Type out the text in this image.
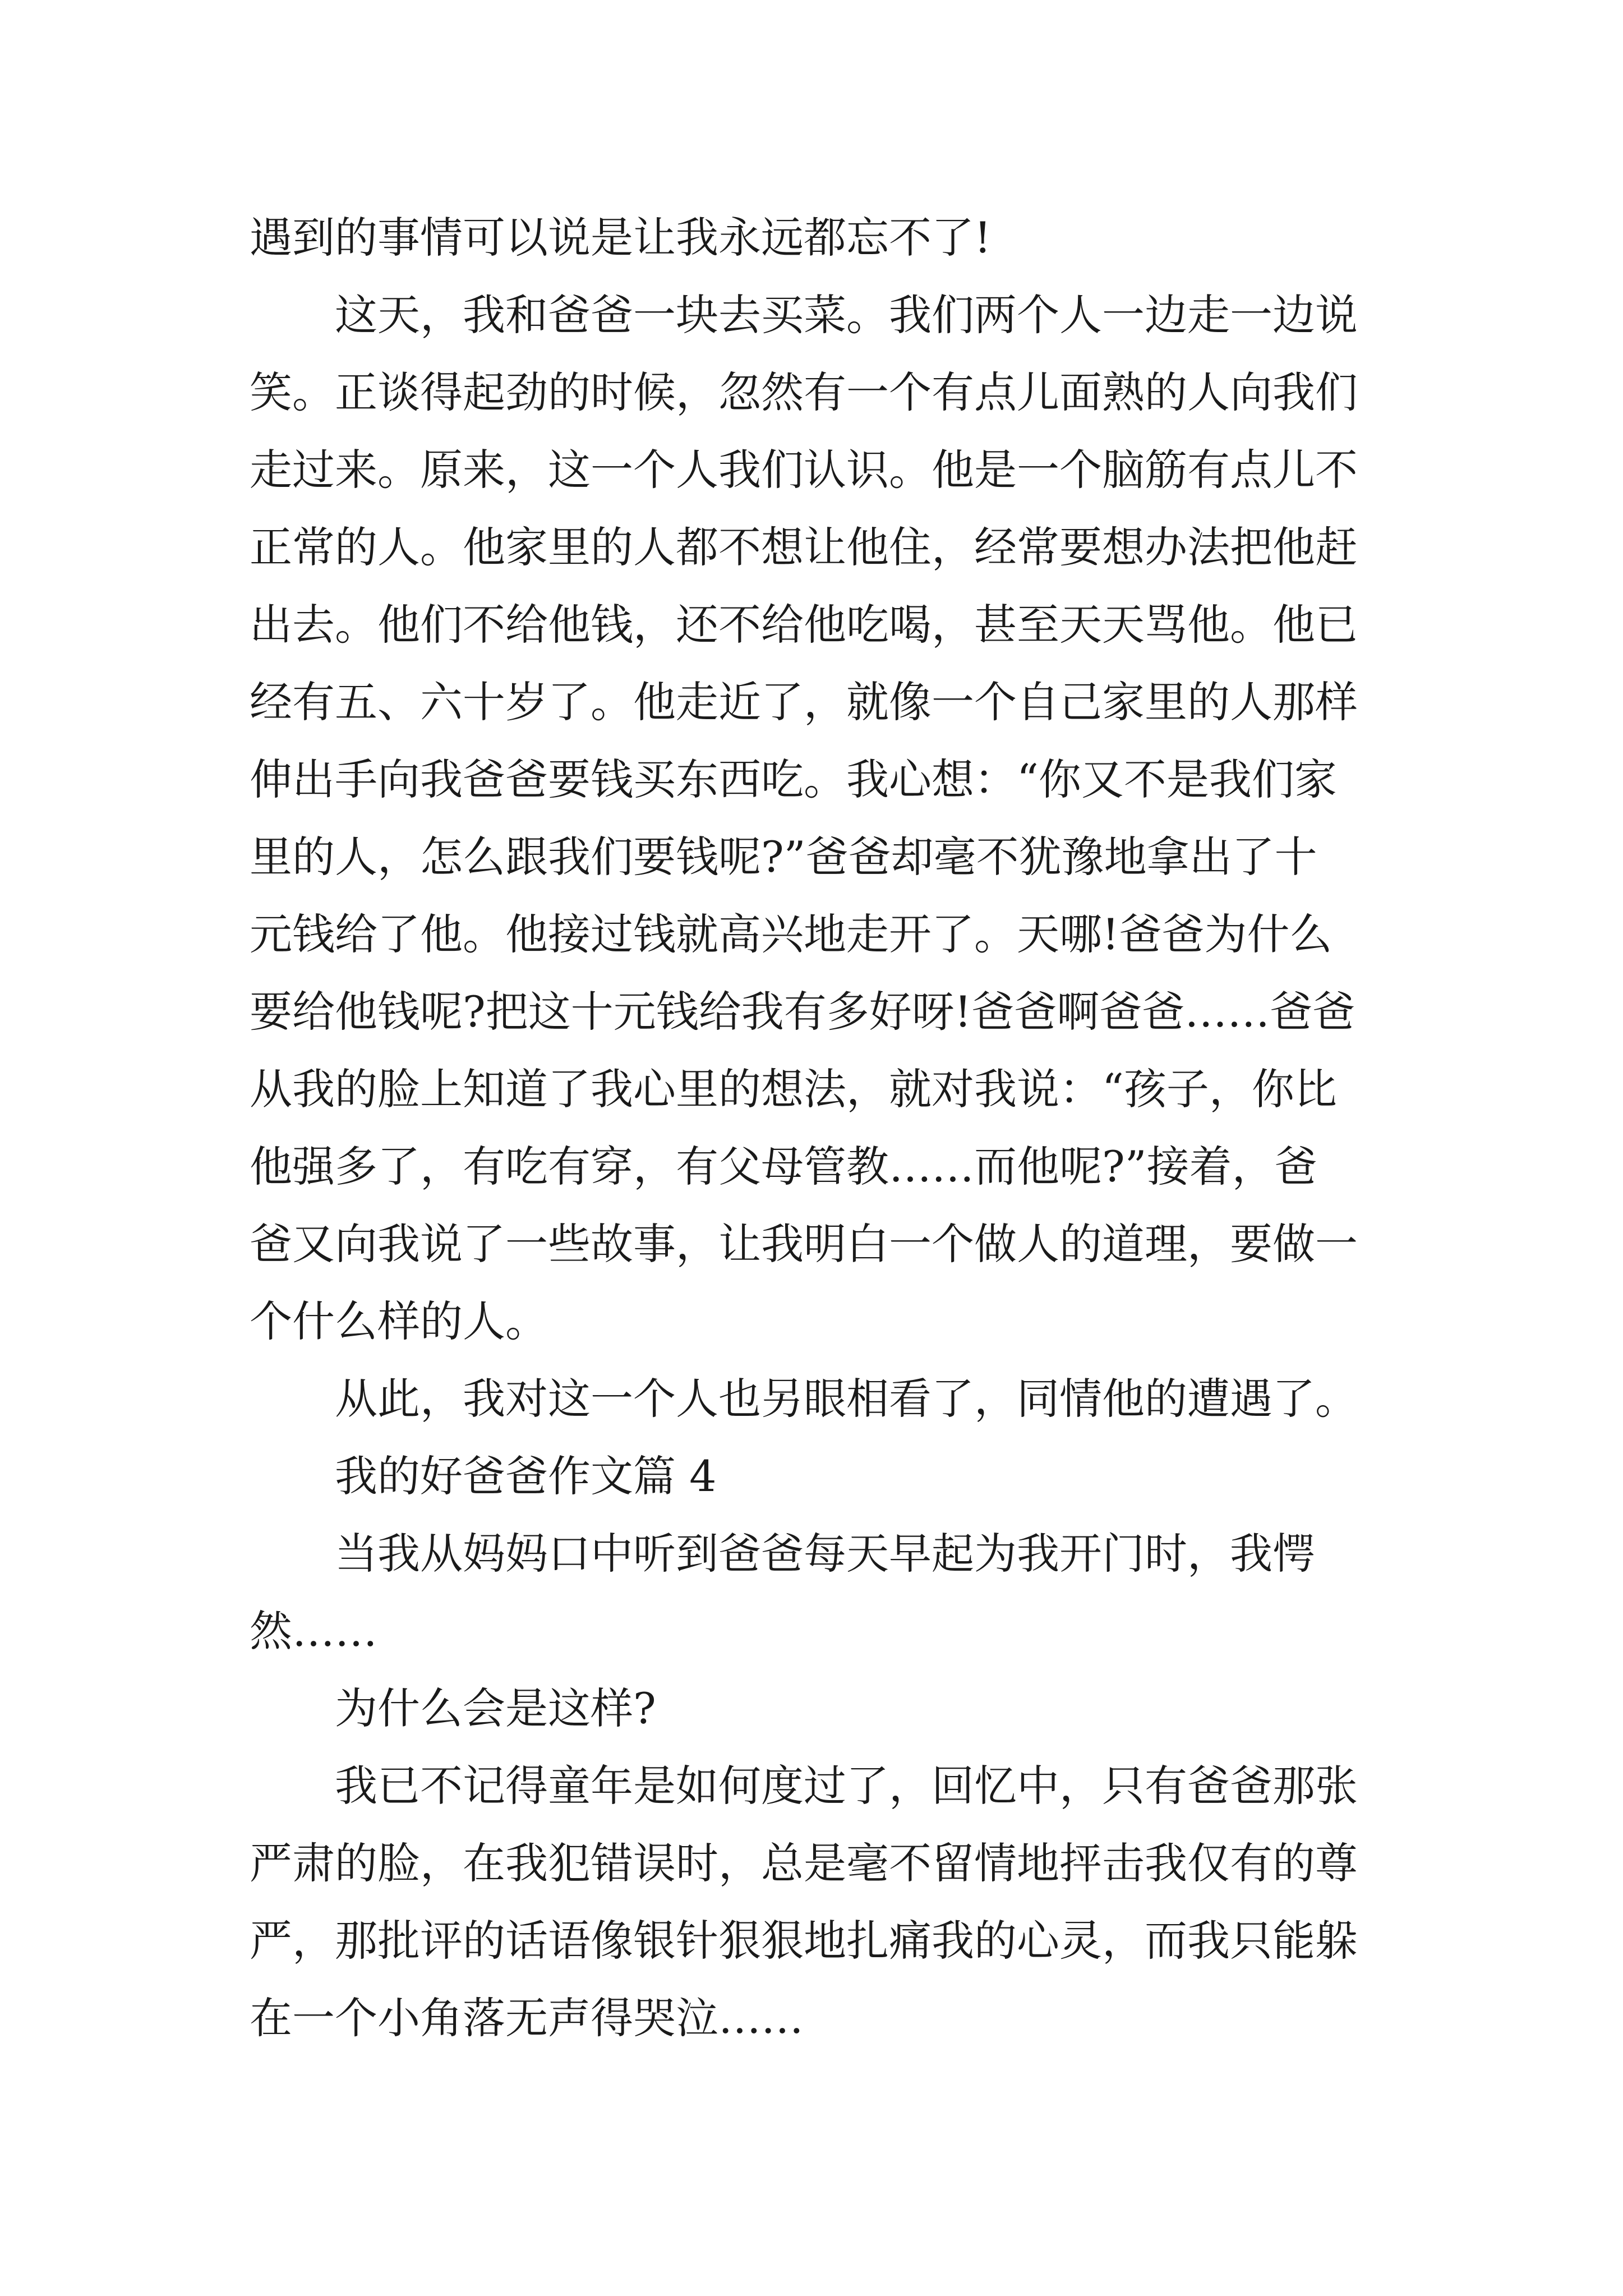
遇到的事情可以说是让我永远都忘不了!
这天，我和爸爸一块去买菜。我们两个人一边走一边说
笑。正谈得起劲的时候，忽然有一个有点儿面熟的人向我们
走过来。原来，这一个人我们认识。他是一个脑筋有点儿不
正常的人。他家里的人都不想让他住，经常要想办法把他赶
出去。他们不给他钱，还不给他吃喝，甚至天天骂他。他已
经有五、六十岁了。他走近了，就像一个自己家里的人那样
伸出手向我爸爸要钱买东西吃。我心想：“你又不是我们家
里的人，怎么跟我们要钱呢?”爸爸却毫不犹豫地拿出了十
元钱给了他。他接过钱就高兴地走开了。天哪!爸爸为什么
要给他钱呢?把这十元钱给我有多好呀!爸爸啊爸爸……爸爸
从我的脸上知道了我心里的想法，就对我说：“孩子，你比
他强多了，有吃有穿，有父母管教……而他呢?”接着，爸
爸又向我说了一些故事，让我明白一个做人的道理，要做一
个什么样的人。
从此，我对这一个人也另眼相看了，同情他的遭遇了。
我的好爸爸作文篇 4
当我从妈妈口中听到爸爸每天早起为我开门时，我愕
然……
为什么会是这样?
我已不记得童年是如何度过了，回忆中，只有爸爸那张
严肃的脸，在我犯错误时，总是毫不留情地抨击我仅有的尊
严，那批评的话语像银针狠狠地扎痛我的心灵，而我只能躲
在一个小角落无声得哭泣……
